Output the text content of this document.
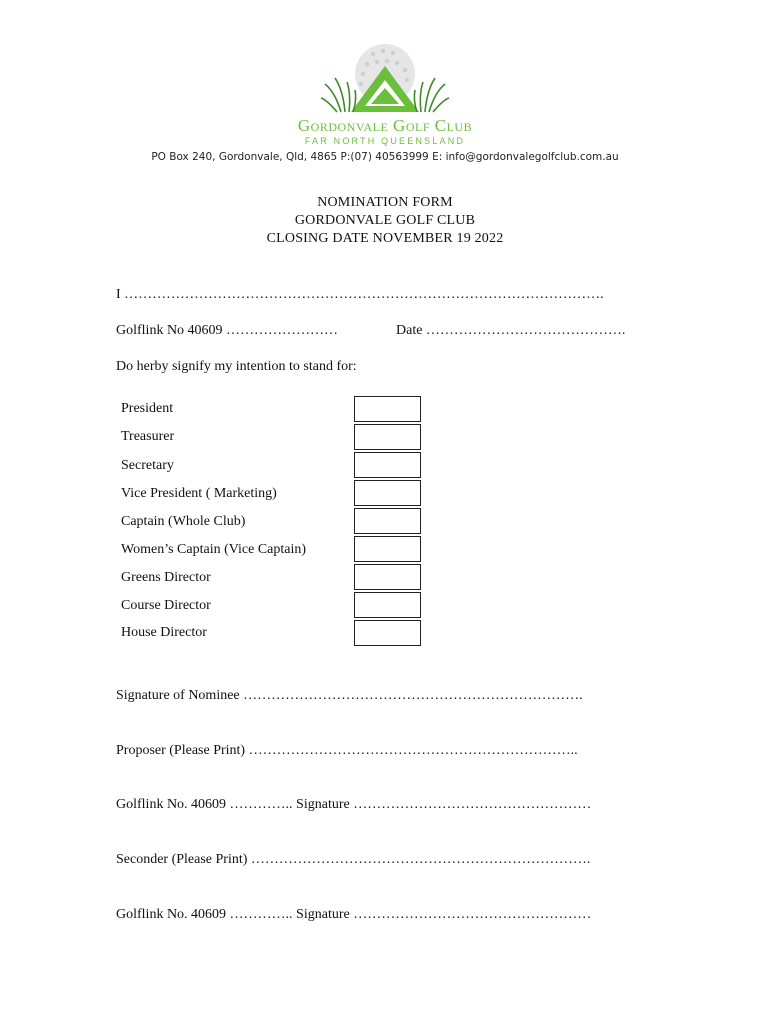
Gordonvale Golf Club
FAR NORTH QUEENSLAND
PO Box 240, Gordonvale, Qld, 4865 P:(07) 40563999 E: info@gordonvalegolfclub.com.au
NOMINATION FORM
GORDONVALE GOLF CLUB
CLOSING DATE NOVEMBER 19 2022
I ………………………………………………………………………………………….
Golflink No 40609 ……………………	Date …………………………………….
Do herby signify my intention to stand for:
President
Treasurer
Secretary
Vice President ( Marketing)
Captain (Whole Club)
Women’s Captain (Vice Captain)
Greens Director
Course Director
House Director
Signature of Nominee ……………………………………………………………….
Proposer (Please Print) ……………………………………………………………..
Golflink No. 40609 ………….. Signature ……………………………………………
Seconder (Please Print) ……………………………………………………………….
Golflink No. 40609 ………….. Signature ……………………………………………
